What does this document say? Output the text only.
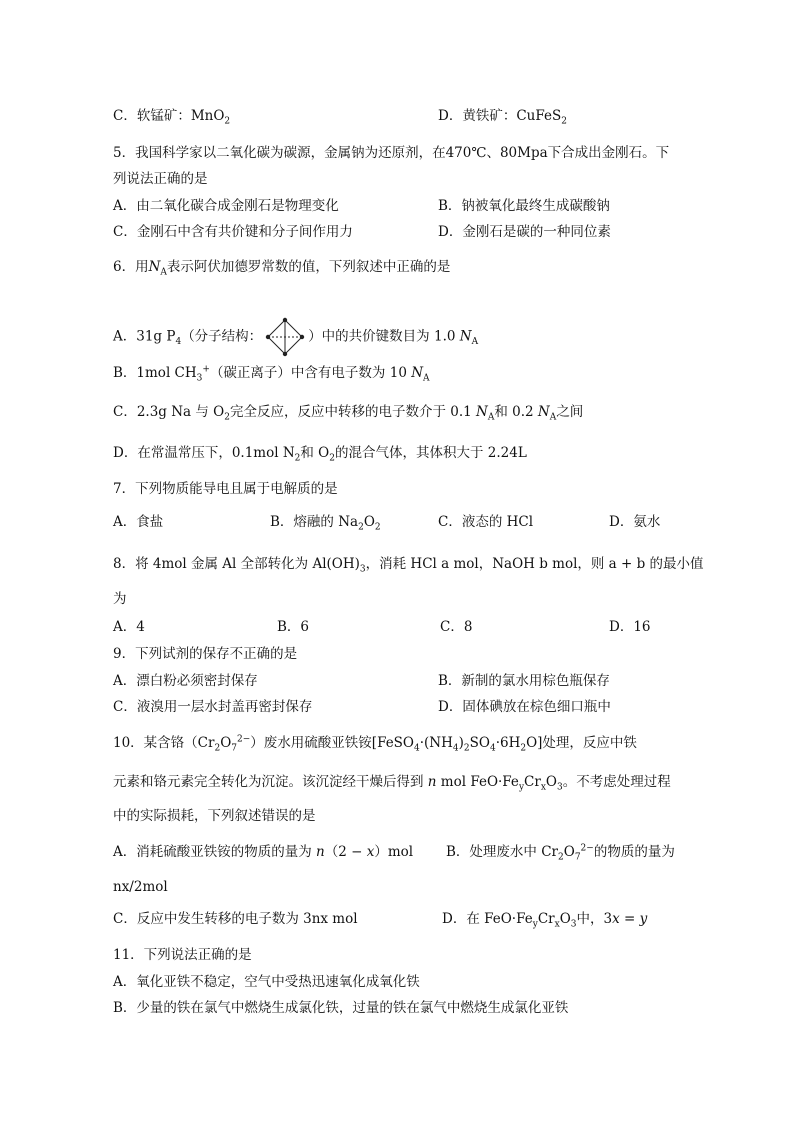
C．软锰矿：MnO$_2$	D．黄铁矿：CuFeS$_2$
5．我国科学家以二氧化碳为碳源，金属钠为还原剂，在470℃、80Mpa下合成出金刚石。下
列说法正确的是
A．由二氧化碳合成金刚石是物理变化	B．钠被氧化最终生成碳酸钠
C．金刚石中含有共价键和分子间作用力	D．金刚石是碳的一种同位素
6．用$N_A$表示阿伏加德罗常数的值，下列叙述中正确的是
A．31g $P_4$（分子结构：	）中的共价键数目为 1.0 $N_A$
B．1mol $CH_3^+$（碳正离子）中含有电子数为 10 $N_A$
C．2.3g Na 与 $O_2$完全反应，反应中转移的电子数介于 0.1 $N_A$和 0.2 $N_A$之间
D．在常温常压下，0.1mol $N_2$和 $O_2$的混合气体，其体积大于 2.24L
7．下列物质能导电且属于电解质的是
A．食盐	B．熔融的 $Na_2O_2$	C．液态的 HCl	D．氨水
8．将 4mol 金属 Al 全部转化为 $Al(OH)_3$，消耗 HCl a mol，NaOH b mol，则 a + b 的最小值
为
A．4	B．6	C．8	D．16
9．下列试剂的保存不正确的是
A．漂白粉必须密封保存	B．新制的氯水用棕色瓶保存
C．液溴用一层水封盖再密封保存	D．固体碘放在棕色细口瓶中
10．某含铬$(Cr_2O_7^{2-})$废水用硫酸亚铁铵$[FeSO_4\cdot(NH_4)_2SO_4\cdot 6H_2O]$处理，反应中铁
元素和铬元素完全转化为沉淀。该沉淀经干燥后得到 n mol $FeO\cdot Fe_yCr_xO_3$。不考虑处理过程
中的实际损耗，下列叙述错误的是
A．消耗硫酸亚铁铵的物质的量为 n（2 − x）mol B．处理废水中 $Cr_2O_7^{2-}$的物质的量为
nx/2mol
C．反应中发生转移的电子数为 3nx mol	D．在 $FeO\cdot Fe_yCr_xO_3$中，3x = y
11．下列说法正确的是
A．氧化亚铁不稳定，空气中受热迅速氧化成氧化铁
B．少量的铁在氯气中燃烧生成氯化铁，过量的铁在氯气中燃烧生成氯化亚铁
